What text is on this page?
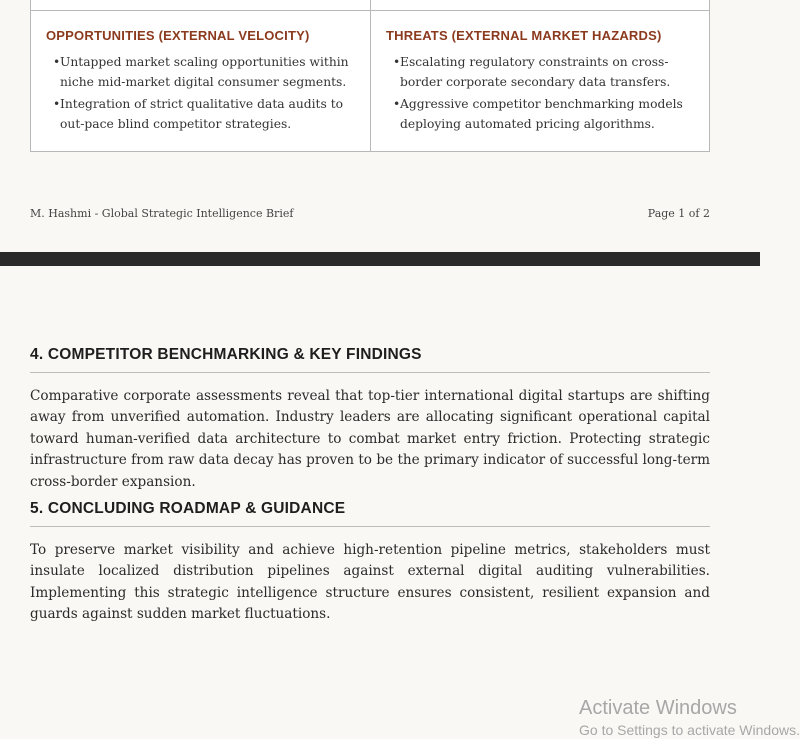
OPPORTUNITIES (EXTERNAL VELOCITY)
• Untapped market scaling opportunities within niche mid-market digital consumer segments.
• Integration of strict qualitative data audits to out-pace blind competitor strategies.
THREATS (EXTERNAL MARKET HAZARDS)
• Escalating regulatory constraints on cross-border corporate secondary data transfers.
• Aggressive competitor benchmarking models deploying automated pricing algorithms.
M. Hashmi - Global Strategic Intelligence Brief	Page 1 of 2
4. COMPETITOR BENCHMARKING & KEY FINDINGS

Comparative corporate assessments reveal that top-tier international digital startups are shifting away from unverified automation. Industry leaders are allocating significant operational capital toward human-verified data architecture to combat market entry friction. Protecting strategic infrastructure from raw data decay has proven to be the primary indicator of successful long-term cross-border expansion.

5. CONCLUDING ROADMAP & GUIDANCE

To preserve market visibility and achieve high-retention pipeline metrics, stakeholders must insulate localized distribution pipelines against external digital auditing vulnerabilities. Implementing this strategic intelligence structure ensures consistent, resilient expansion and guards against sudden market fluctuations.

Activate Windows
Go to Settings to activate Windows.
